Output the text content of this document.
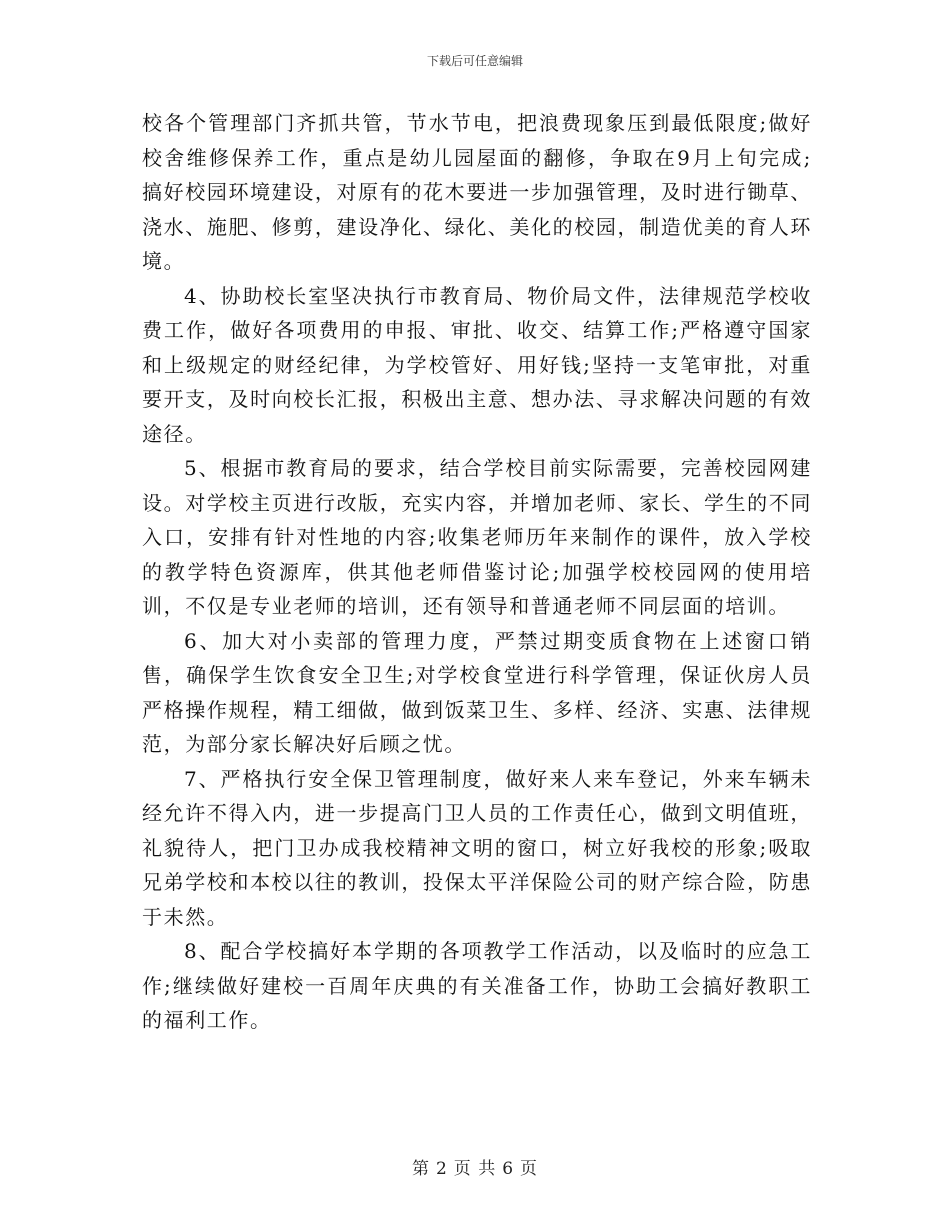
下载后可任意编辑

校各个管理部门齐抓共管，节水节电，把浪费现象压到最低限度;做好校舍维修保养工作，重点是幼儿园屋面的翻修，争取在9月上旬完成;搞好校园环境建设，对原有的花木要进一步加强管理，及时进行锄草、浇水、施肥、修剪，建设净化、绿化、美化的校园，制造优美的育人环境。

4、协助校长室坚决执行市教育局、物价局文件，法律规范学校收费工作，做好各项费用的申报、审批、收交、结算工作;严格遵守国家和上级规定的财经纪律，为学校管好、用好钱;坚持一支笔审批，对重要开支，及时向校长汇报，积极出主意、想办法、寻求解决问题的有效途径。

5、根据市教育局的要求，结合学校目前实际需要，完善校园网建设。对学校主页进行改版，充实内容，并增加老师、家长、学生的不同入口，安排有针对性地的内容;收集老师历年来制作的课件，放入学校的教学特色资源库，供其他老师借鉴讨论;加强学校校园网的使用培训，不仅是专业老师的培训，还有领导和普通老师不同层面的培训。

6、加大对小卖部的管理力度，严禁过期变质食物在上述窗口销售，确保学生饮食安全卫生;对学校食堂进行科学管理，保证伙房人员严格操作规程，精工细做，做到饭菜卫生、多样、经济、实惠、法律规范，为部分家长解决好后顾之忧。

7、严格执行安全保卫管理制度，做好来人来车登记，外来车辆未经允许不得入内，进一步提高门卫人员的工作责任心，做到文明值班，礼貌待人，把门卫办成我校精神文明的窗口，树立好我校的形象;吸取兄弟学校和本校以往的教训，投保太平洋保险公司的财产综合险，防患于未然。

8、配合学校搞好本学期的各项教学工作活动，以及临时的应急工作;继续做好建校一百周年庆典的有关准备工作，协助工会搞好教职工的福利工作。

第 2 页 共 6 页
